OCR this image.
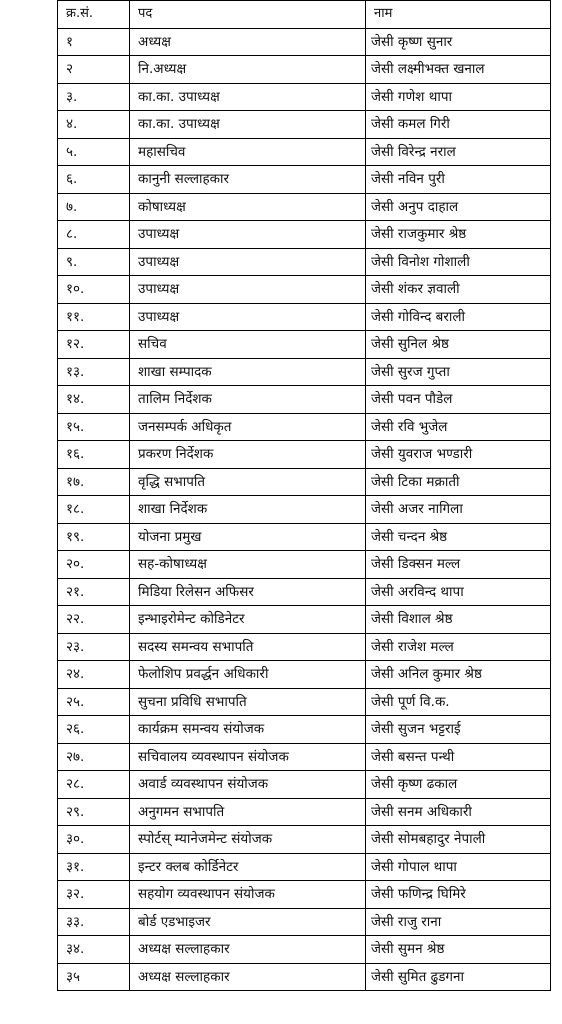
क्र.सं.	पद	नाम
१	अध्यक्ष	जेसी कृष्ण सुनार
२	नि.अध्यक्ष	जेसी लक्ष्मीभक्त खनाल
३.	का.का. उपाध्यक्ष	जेसी गणेश थापा
४.	का.का. उपाध्यक्ष	जेसी कमल गिरी
५.	महासचिव	जेसी विरेन्द्र नराल
६.	कानुनी सल्लाहकार	जेसी नविन पुरी
७.	कोषाध्यक्ष	जेसी अनुप दाहाल
८.	उपाध्यक्ष	जेसी राजकुमार श्रेष्ठ
९.	उपाध्यक्ष	जेसी विनोश गोशाली
१०.	उपाध्यक्ष	जेसी शंकर ज्ञवाली
११.	उपाध्यक्ष	जेसी गोविन्द बराली
१२.	सचिव	जेसी सुनिल श्रेष्ठ
१३.	शाखा सम्पादक	जेसी सुरज गुप्ता
१४.	तालिम निर्देशक	जेसी पवन पौडेल
१५.	जनसम्पर्क अधिकृत	जेसी रवि भुजेल
१६.	प्रकरण निर्देशक	जेसी युवराज भण्डारी
१७.	वृद्धि सभापति	जेसी टिका मक्राती
१८.	शाखा निर्देशक	जेसी अजर नागिला
१९.	योजना प्रमुख	जेसी चन्दन श्रेष्ठ
२०.	सह-कोषाध्यक्ष	जेसी डिक्सन मल्ल
२१.	मिडिया रिलेसन अफिसर	जेसी अरविन्द थापा
२२.	इन्भाइरोमेन्ट कोडिनेटर	जेसी विशाल श्रेष्ठ
२३.	सदस्य समन्वय सभापति	जेसी राजेश मल्ल
२४.	फेलोशिप प्रवर्द्धन अधिकारी	जेसी अनिल कुमार श्रेष्ठ
२५.	सुचना प्रविधि सभापति	जेसी पूर्ण वि.क.
२६.	कार्यक्रम समन्वय संयोजक	जेसी सुजन भट्टराई
२७.	सचिवालय व्यवस्थापन संयोजक	जेसी बसन्त पन्थी
२८.	अवार्ड व्यवस्थापन संयोजक	जेसी कृष्ण ढकाल
२९.	अनुगमन सभापति	जेसी सनम अधिकारी
३०.	स्पोर्टस् म्यानेजमेन्ट संयोजक	जेसी सोमबहादुर नेपाली
३१.	इन्टर क्लब कोर्डिनेटर	जेसी गोपाल थापा
३२.	सहयोग व्यवस्थापन संयोजक	जेसी फणिन्द्र घिमिरे
३३.	बोर्ड एडभाइजर	जेसी राजु राना
३४.	अध्यक्ष सल्लाहकार	जेसी सुमन श्रेष्ठ
३५	अध्यक्ष सल्लाहकार	जेसी सुमित ढुडगना
